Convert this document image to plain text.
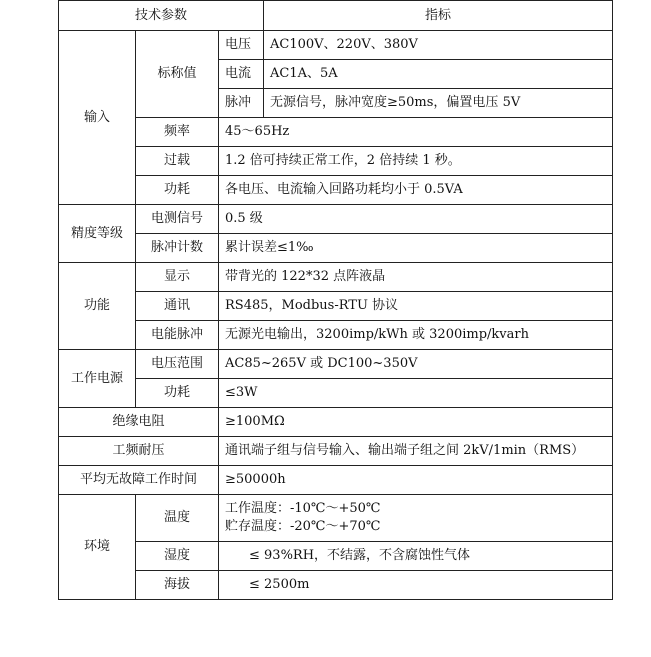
技术参数			指标
输入	标称值	电压	AC100V、220V、380V
		电流	AC1A、5A
		脉冲	无源信号，脉冲宽度≥50ms，偏置电压 5V
	频率	45～65Hz	
	过载	1.2 倍可持续正常工作，2 倍持续 1 秒。	
	功耗	各电压、电流输入回路功耗均小于 0.5VA	
精度等级	电测信号	0.5 级	
	脉冲计数	累计误差≤1‰	
功能	显示	带背光的 122*32 点阵液晶	
	通讯	RS485，Modbus-RTU 协议	
	电能脉冲	无源光电输出，3200imp/kWh 或 3200imp/kvarh	
工作电源	电压范围	AC85~265V 或 DC100~350V	
	功耗	≤3W	
绝缘电阻		≥100MΩ	
工频耐压		通讯端子组与信号输入、输出端子组之间 2kV/1min（RMS）	
平均无故障工作时间		≥50000h	
环境	温度	工作温度：-10℃～+50℃
贮存温度：-20℃～+70℃	

	湿度	≤ 93%RH，不结露，不含腐蚀性气体	
	海拔	≤ 2500m	
